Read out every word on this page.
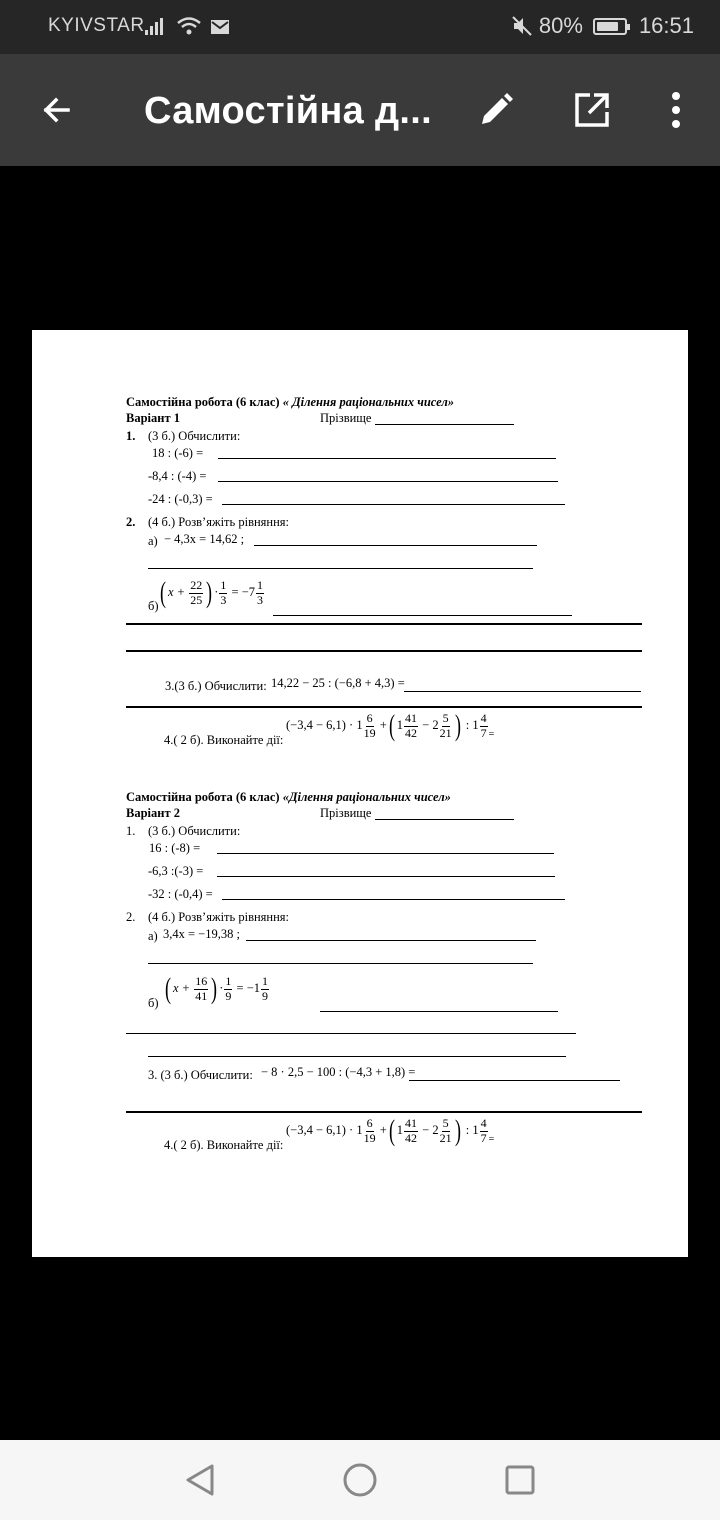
KYIVSTAR	80%	16:51
Самостійна д...
Самостійна робота (6 клас) « Ділення раціональних чисел»
Варіант 1	Прізвище
1. (3 б.) Обчислити:
18 : (-6) =
-8,4 : (-4) =
-24 : (-0,3) =
2. (4 б.) Розв’яжіть рівняння:
а) − 4,3x = 14,62 ;
б) ( $x + \frac{22}{25}$ ) · $\frac{1}{3} = -7 \frac{1}{3}$
3.(3 б.) Обчислити: 14,22 − 25 : (−6,8 + 4,3) =
4.( 2 б). Виконайте дії:
$(-3,4 - 6,1) \cdot 1 \frac{6}{19}$ +( $1 \frac{41}{42} - 2 \frac{5}{21}$ ) : $1 \frac{4}{7} _=$
Самостійна робота (6 клас) «Ділення раціональних чисел»
Варіант 2	Прізвище
1. (3 б.) Обчислити:
16 : (-8) =
-6,3 :(-3) =
-32 : (-0,4) =
2. (4 б.) Розв’яжіть рівняння:
а) 3,4x = −19,38 ;
б) ( $x + \frac{16}{41}$ ) · $\frac{1}{9} = -1 \frac{1}{9}$
3. (3 б.) Обчислити: − 8 · 2,5 − 100 : (−4,3 + 1,8) =
4.( 2 б). Виконайте дії:
$(-3,4 - 6,1) \cdot 1 \frac{6}{19}$ +( $1 \frac{41}{42} - 2 \frac{5}{21}$ ) : $1 \frac{4}{7} _=$
